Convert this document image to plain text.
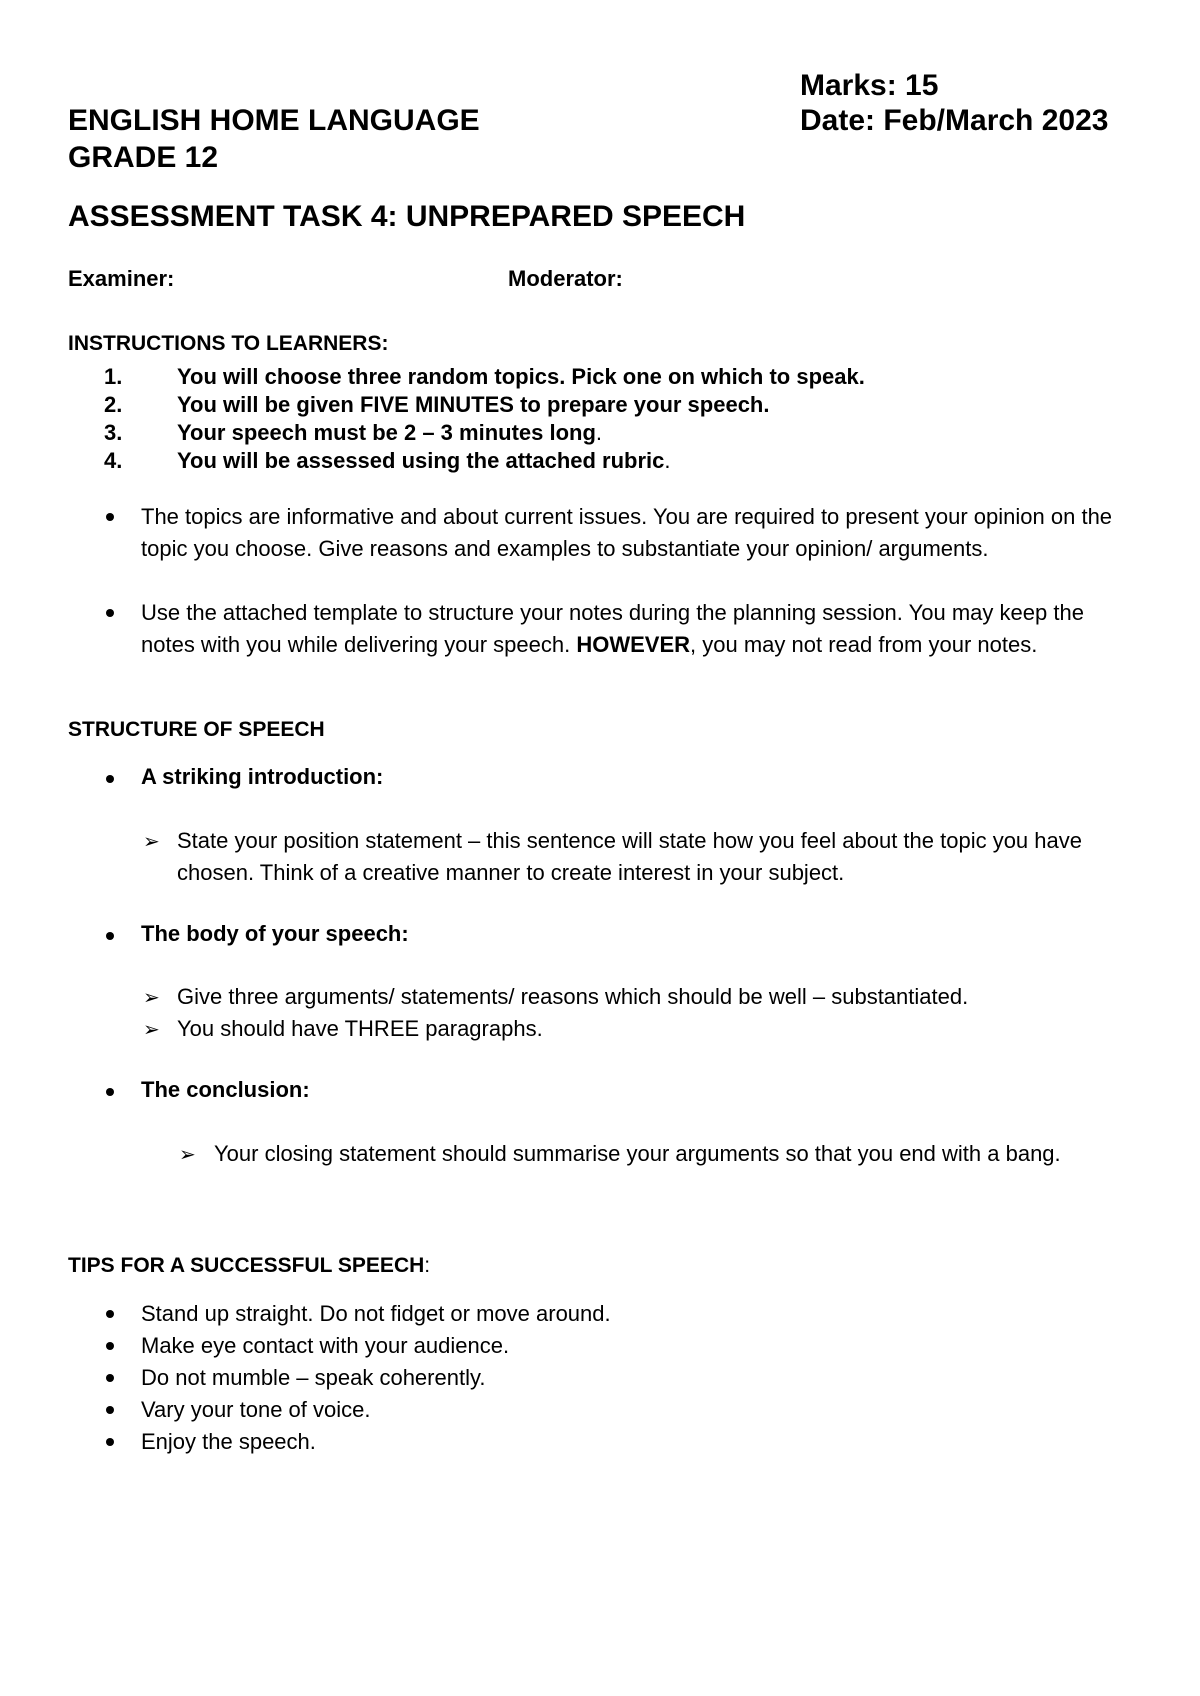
Marks: 15
ENGLISH HOME LANGUAGE	Date: Feb/March 2023
GRADE 12
ASSESSMENT TASK 4: UNPREPARED SPEECH
Examiner:	Moderator:
INSTRUCTIONS TO LEARNERS:
1. You will choose three random topics. Pick one on which to speak.
2. You will be given FIVE MINUTES to prepare your speech.
3. Your speech must be 2 – 3 minutes long.
4. You will be assessed using the attached rubric.
The topics are informative and about current issues. You are required to present your opinion on the topic you choose. Give reasons and examples to substantiate your opinion/ arguments.
Use the attached template to structure your notes during the planning session. You may keep the notes with you while delivering your speech. HOWEVER, you may not read from your notes.
STRUCTURE OF SPEECH
A striking introduction:
➢ State your position statement – this sentence will state how you feel about the topic you have chosen. Think of a creative manner to create interest in your subject.
The body of your speech:
➢ Give three arguments/ statements/ reasons which should be well – substantiated.
➢ You should have THREE paragraphs.
The conclusion:
➢ Your closing statement should summarise your arguments so that you end with a bang.
TIPS FOR A SUCCESSFUL SPEECH:
Stand up straight. Do not fidget or move around.
Make eye contact with your audience.
Do not mumble – speak coherently.
Vary your tone of voice.
Enjoy the speech.
